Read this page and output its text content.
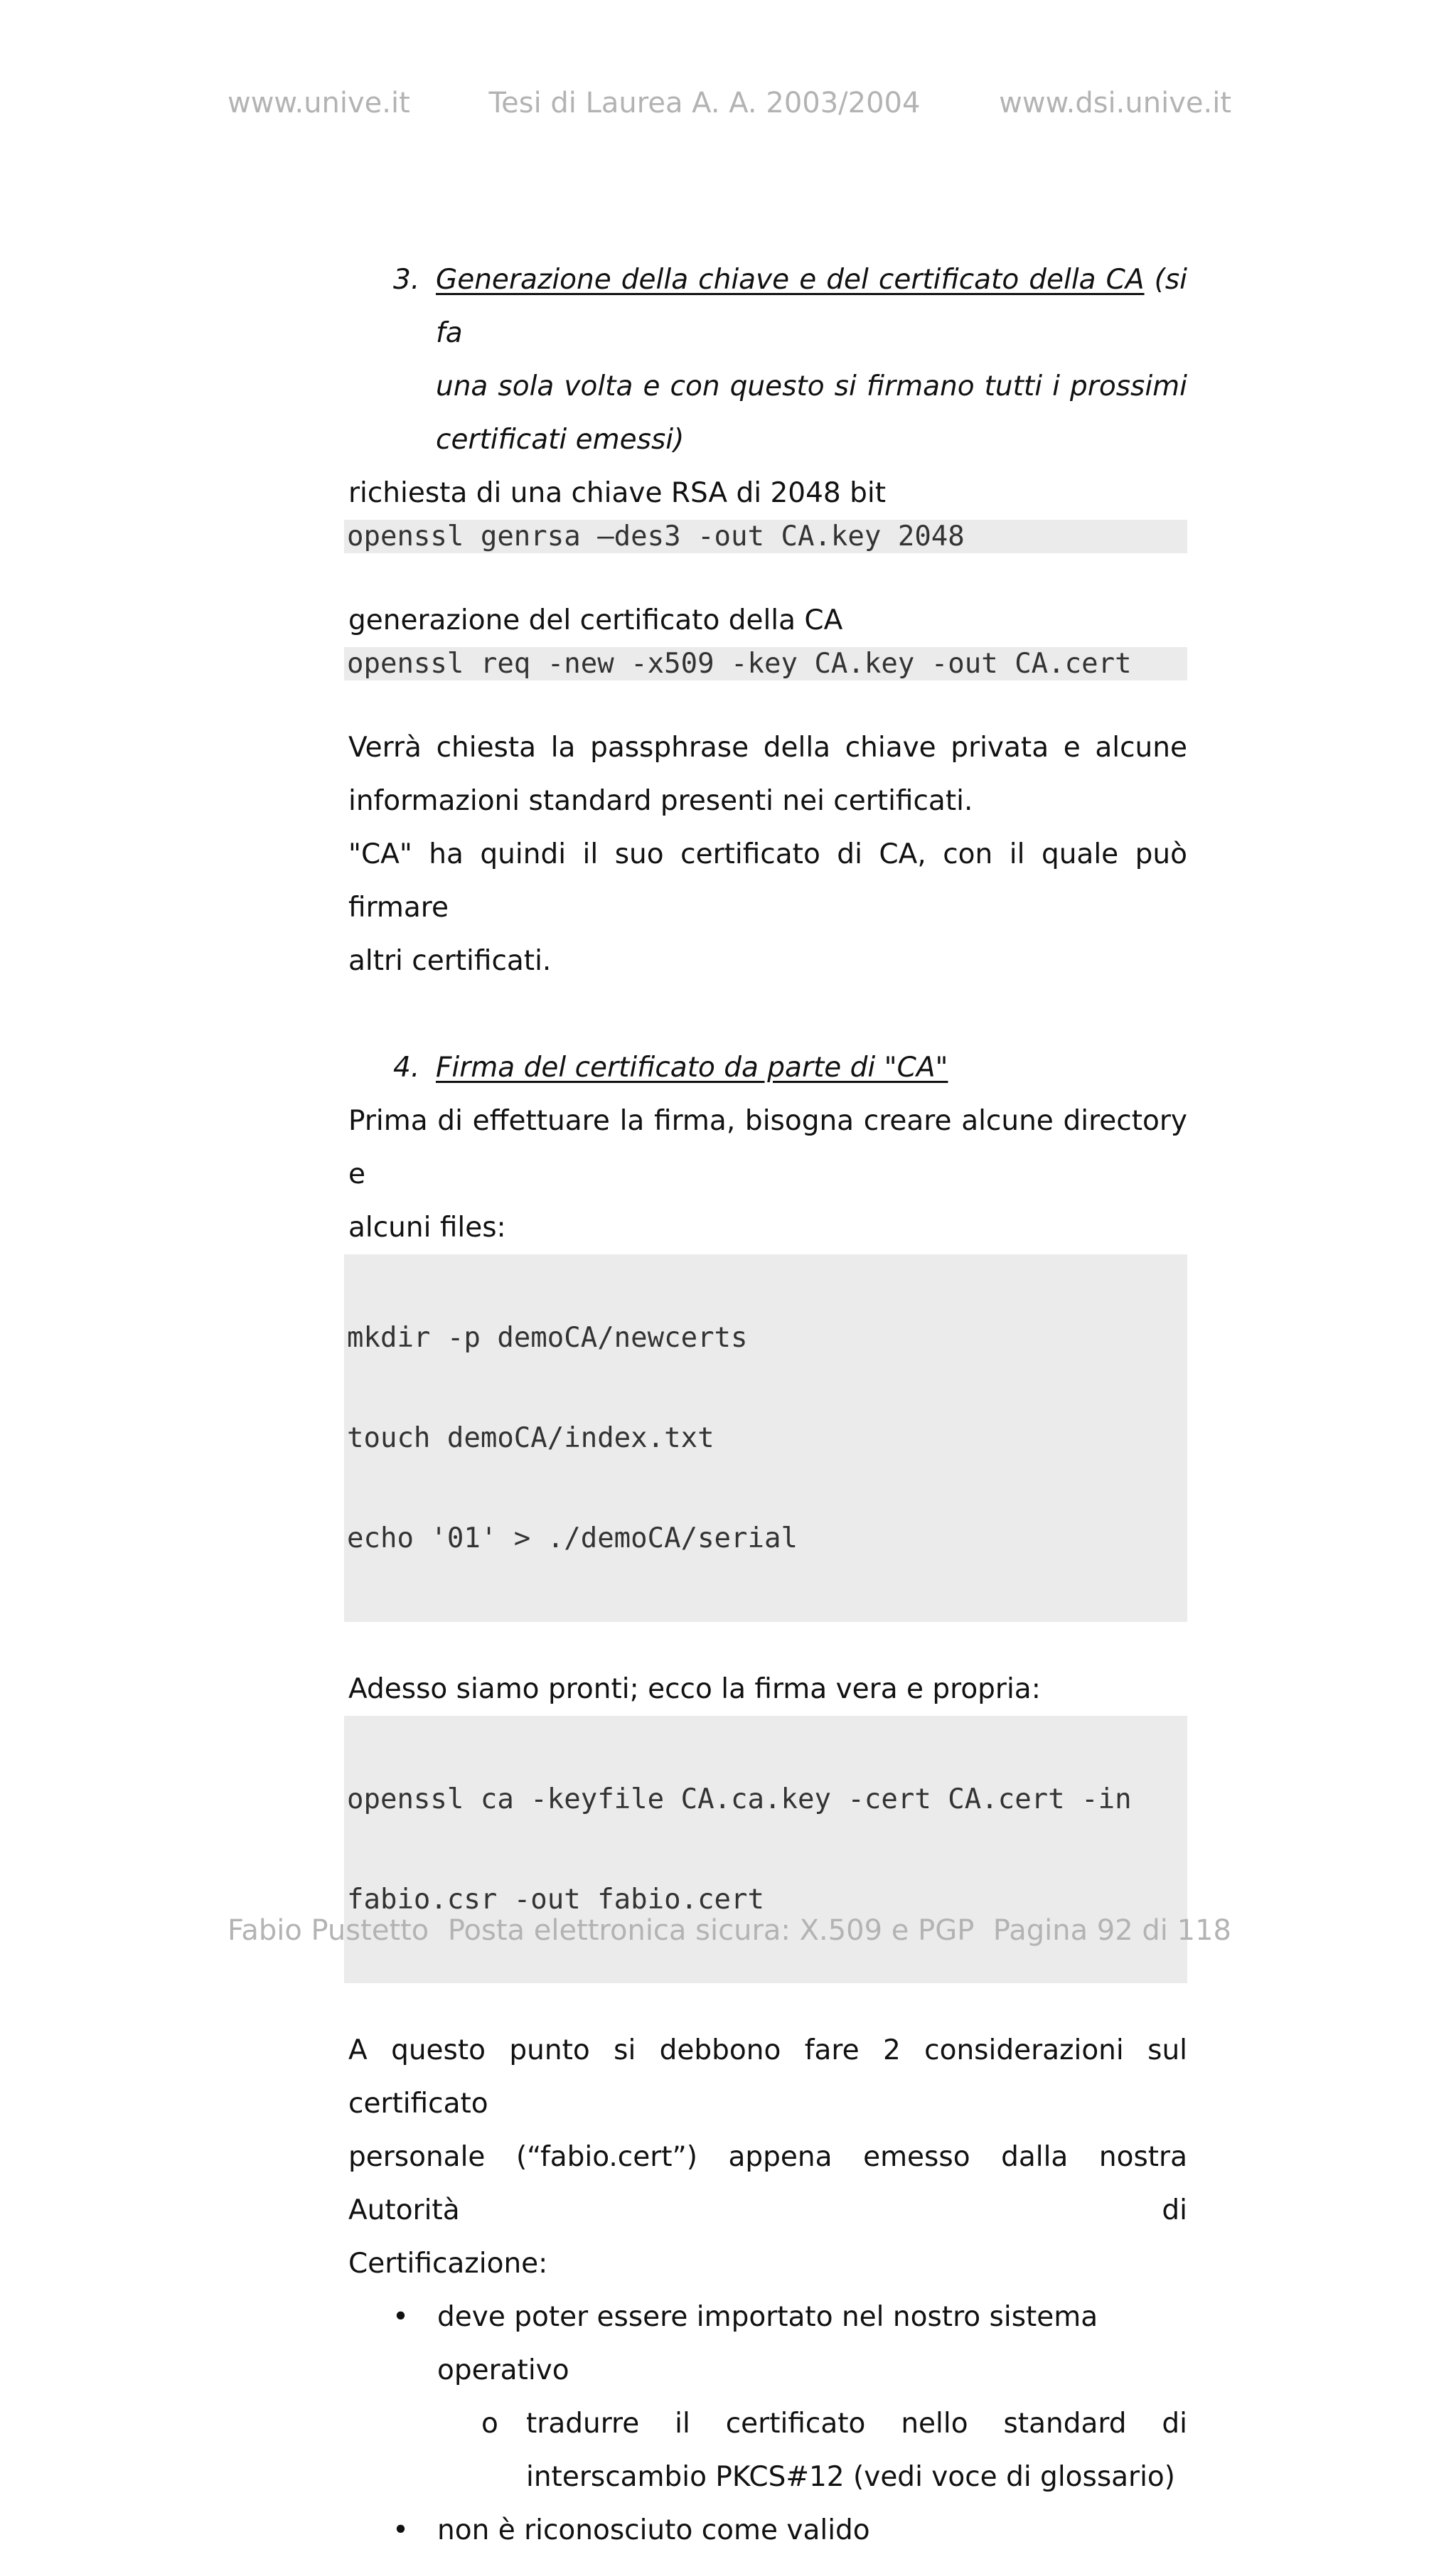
www.unive.it	Tesi di Laurea A. A. 2003/2004	www.dsi.unive.it
3. Generazione della chiave e del certificato della CA (si fa
una sola volta e con questo si firmano tutti i prossimi
certificati emessi)

richiesta di una chiave RSA di 2048 bit

openssl genrsa –des3 -out CA.key 2048

generazione del certificato della CA

openssl req -new -x509 -key CA.key -out CA.cert
Verrà chiesta la passphrase della chiave privata e alcune
informazioni standard presenti nei certificati.
"CA" ha quindi il suo certificato di CA, con il quale può firmare
altri certificati.
4. Firma del certificato da parte di "CA"
Prima di effettuare la firma, bisogna creare alcune directory e
alcuni files:

mkdir -p demoCA/newcerts

touch demoCA/index.txt

echo '01' > ./demoCA/serial

Adesso siamo pronti; ecco la firma vera e propria:

openssl ca -keyfile CA.ca.key -cert CA.cert -in

fabio.csr -out fabio.cert

A questo punto si debbono fare 2 considerazioni sul certificato
personale (“fabio.cert”) appena emesso dalla nostra Autorità di
Certificazione:
• deve poter essere importato nel nostro sistema operativo
o tradurre il certificato nello standard di
interscambio PKCS#12 (vedi voce di glossario)
• non è riconosciuto come valido
Fabio Pustetto Posta elettronica sicura: X.509 e PGP Pagina 92 di 118
